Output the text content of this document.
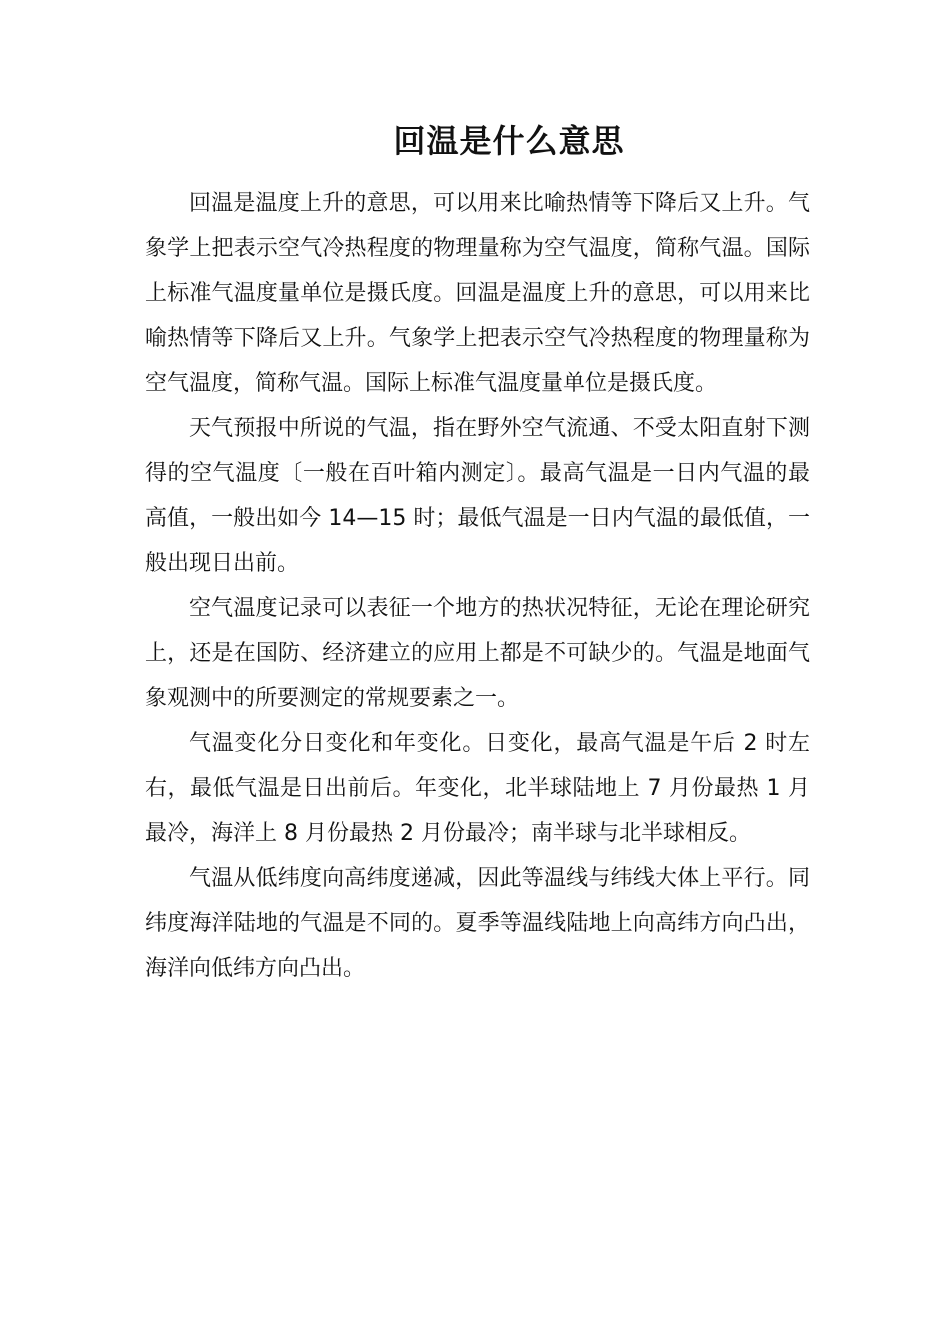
回温是什么意思

回温是温度上升的意思，可以用来比喻热情等下降后又上升。气象学上把表示空气冷热程度的物理量称为空气温度，简称气温。国际上标准气温度量单位是摄氏度。回温是温度上升的意思，可以用来比喻热情等下降后又上升。气象学上把表示空气冷热程度的物理量称为空气温度，简称气温。国际上标准气温度量单位是摄氏度。

天气预报中所说的气温，指在野外空气流通、不受太阳直射下测得的空气温度〔一般在百叶箱内测定〕。最高气温是一日内气温的最高值，一般出如今 14—15 时；最低气温是一日内气温的最低值，一般出现日出前。

空气温度记录可以表征一个地方的热状况特征，无论在理论研究上，还是在国防、经济建立的应用上都是不可缺少的。气温是地面气象观测中的所要测定的常规要素之一。

气温变化分日变化和年变化。日变化，最高气温是午后 2 时左右，最低气温是日出前后。年变化，北半球陆地上 7 月份最热 1 月最冷，海洋上 8 月份最热 2 月份最冷；南半球与北半球相反。

气温从低纬度向高纬度递减，因此等温线与纬线大体上平行。同纬度海洋陆地的气温是不同的。夏季等温线陆地上向高纬方向凸出，海洋向低纬方向凸出。
